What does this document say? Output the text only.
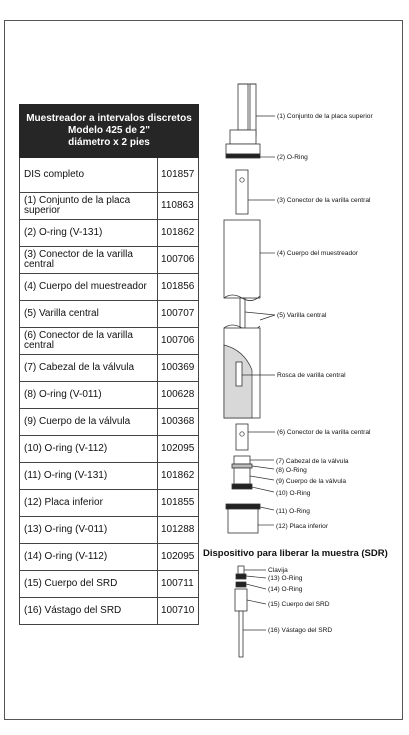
Muestreador a intervalos discretos
Modelo 425 de 2"
diámetro x 2 pies	

DIS completo	101857
(1) Conjunto de la placa superior	110863
(2) O-ring (V-131)	101862
(3) Conector de la varilla central	100706
(4) Cuerpo del muestreador	101856
(5) Varilla central	100707
(6) Conector de la varilla central	100706
(7) Cabezal de la válvula	100369
(8) O-ring (V-011)	100628
(9) Cuerpo de la válvula	100368
(10) O-ring (V-112)	102095
(11) O-ring (V-131)	101862
(12) Placa inferior	101855
(13) O-ring (V-011)	101288
(14) O-ring (V-112)	102095
(15) Cuerpo del SRD	100711
(16) Vástago del SRD	100710
(1) Conjunto de la placa superior
(2) O-Ring
(3) Conector de la varilla central
(4) Cuerpo del muestreador
(5) Varilla central
Rosca de varilla central
(6) Conector de la varilla central
(7) Cabezal de la válvula
(8) O-Ring
(9) Cuerpo de la válvula
(10) O-Ring
(11) O-Ring
(12) Placa inferior
Dispositivo para liberar la muestra (SDR)
Clavija
(13) O-Ring
(14) O-Ring
(15) Cuerpo del SRD
(16) Vástago del SRD
